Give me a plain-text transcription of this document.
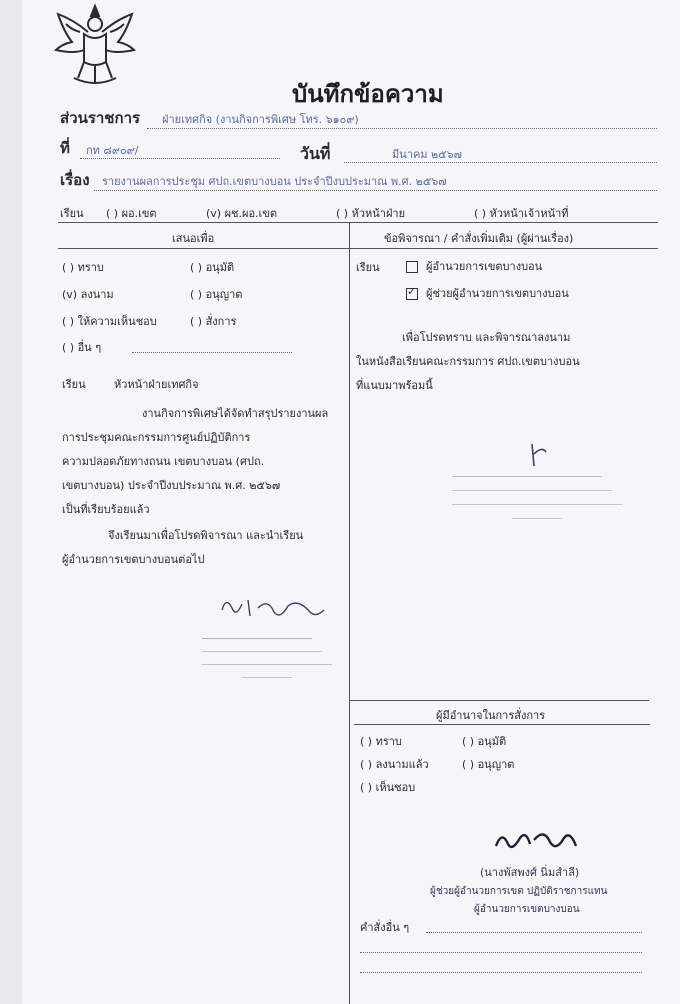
บันทึกข้อความ
ส่วนราชการ ฝ่ายเทศกิจ (งานกิจการพิเศษ โทร. ๖๑๐๙)
ที่ กท ๘๙๐๙/	วันที่	มีนาคม ๒๕๖๗
เรื่อง รายงานผลการประชุม ศปถ.เขตบางบอน ประจำปีงบประมาณ พ.ศ. ๒๕๖๗
เรียน ( ) ผอ.เขต	(v) ผช.ผอ.เขต	( ) หัวหน้าฝ่าย	( ) หัวหน้าเจ้าหน้าที่
เสนอเพื่อ	ข้อพิจารณา / คำสั่งเพิ่มเติม (ผู้ผ่านเรื่อง)
( ) ทราบ	( ) อนุมัติ
(v) ลงนาม	( ) อนุญาต
( ) ให้ความเห็นชอบ	( ) สั่งการ
( ) อื่น ๆ
เรียน	หัวหน้าฝ่ายเทศกิจ
งานกิจการพิเศษได้จัดทำสรุปรายงานผล
การประชุมคณะกรรมการศูนย์ปฏิบัติการ
ความปลอดภัยทางถนน เขตบางบอน (ศปถ.
เขตบางบอน) ประจำปีงบประมาณ พ.ศ. ๒๕๖๗
เป็นที่เรียบร้อยแล้ว
จึงเรียนมาเพื่อโปรดพิจารณา และนำเรียน
ผู้อำนวยการเขตบางบอนต่อไป
เรียน	ผู้อำนวยการเขตบางบอน
✓ผู้ช่วยผู้อำนวยการเขตบางบอน
เพื่อโปรดทราบ และพิจารณาลงนาม
ในหนังสือเรียนคณะกรรมการ ศปถ.เขตบางบอน
ที่แนบมาพร้อมนี้
ผู้มีอำนาจในการสั่งการ
( ) ทราบ	( ) อนุมัติ
( ) ลงนามแล้ว	( ) อนุญาต
( ) เห็นชอบ
(นางพัสพงศ์ นิ่มสำลี)
ผู้ช่วยผู้อำนวยการเขต ปฏิบัติราชการแทน
ผู้อำนวยการเขตบางบอน
คำสั่งอื่น ๆ
